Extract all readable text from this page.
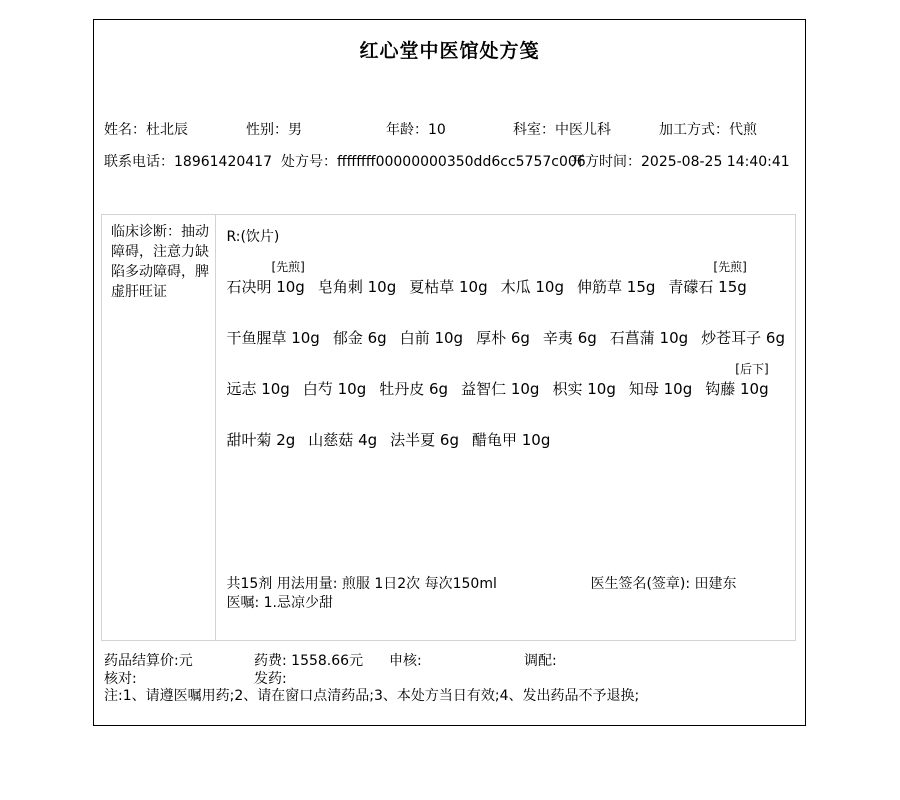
红心堂中医馆处方笺
姓名：杜北辰	性别：男	年龄：10	科室：中医儿科	加工方式：代煎
联系电话：18961420417 处方号：ffffffff00000000350dd6cc5757c006
开方时间：2025-08-25 14:40:41
临床诊断：抽动障碍，注意力缺陷多动障碍，脾虚肝旺证
R:(饮片)
[先煎]
石决明 10g 皂角刺 10g 夏枯草 10g 木瓜 10g 伸筋草 15g
[先煎]
青礞石 15g
干鱼腥草 10g 郁金 6g 白前 10g 厚朴 6g 辛夷 6g 石菖蒲 10g 炒苍耳子 6g
远志 10g 白芍 10g 牡丹皮 6g 益智仁 10g 枳实 10g 知母 10g
[后下]
钩藤 10g
甜叶菊 2g 山慈菇 4g 法半夏 6g 醋龟甲 10g
共15剂 用法用量: 煎服 1日2次 每次150ml
医嘱: 1.忌凉少甜
医生签名(签章): 田建东
药品结算价:元	药费: 1558.66元 申核:	调配:
核对:	发药:
注:1、请遵医嘱用药;2、请在窗口点清药品;3、本处方当日有效;4、发出药品不予退换;
